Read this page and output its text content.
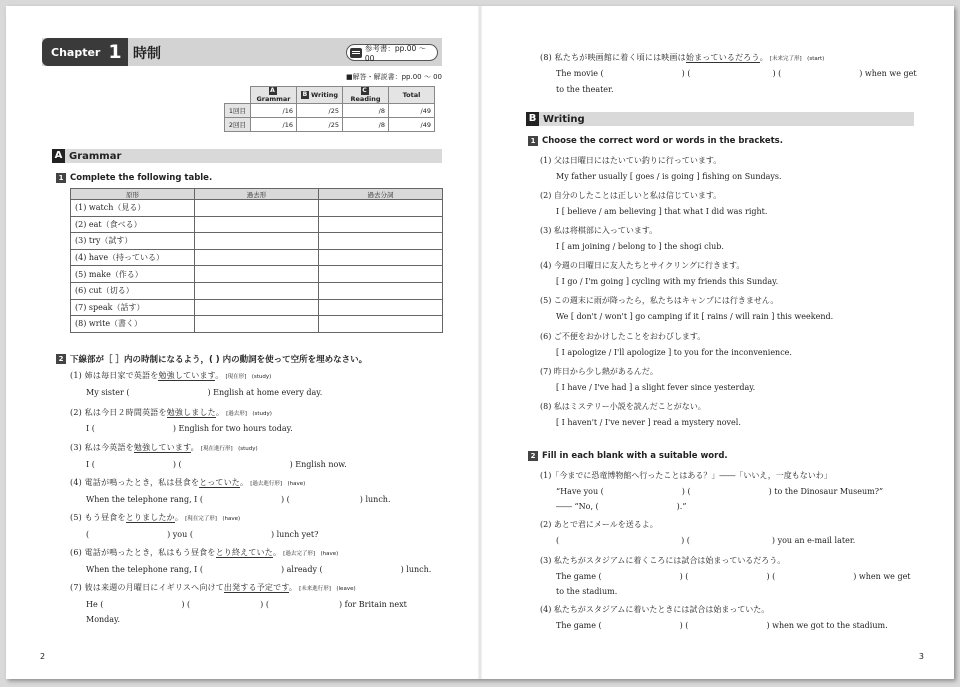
Chapter 1 時制	参考書：pp.00 ～ 00
■解答・解説書：pp.00 ～ 00
	AGrammar	B Writing	CReading	Total
1回目	/16	/25	/8	/49
2回目	/16	/25	/8	/49
A Grammar
1 Complete the following table.
原形	過去形	過去分詞
(1) watch（見る）		
(2) eat（食べる）		
(3) try（試す）		
(4) have（持っている）		
(5) make（作る）		
(6) cut（切る）		
(7) speak（話す）		
(8) write（書く）		
2 下線部が［ ］内の時制になるよう，( ) 内の動詞を使って空所を埋めなさい。
(1) 姉は毎日家で英語を勉強しています。 [現在形]　(study)
My sister (	) English at home every day.
(2) 私は今日２時間英語を勉強しました。 [過去形]　(study)
I (	) English for two hours today.
(3) 私は今英語を勉強しています。 [現在進行形]　(study)
I (	) (	) English now.
(4) 電話が鳴ったとき，私は昼食をとっていた。 [過去進行形]　(have)
When the telephone rang, I (	) (	) lunch.
(5) もう昼食をとりましたか。 [現在完了形]　(have)
(	) you (	) lunch yet?
(6) 電話が鳴ったとき，私はもう昼食をとり終えていた。 [過去完了形]　(have)
When the telephone rang, I (	) already (	) lunch.
(7) 彼は来週の月曜日にイギリスへ向けて出発する予定です。 [未来進行形]　(leave)
He (	) (	) (	) for Britain next
Monday.
2
(8) 私たちが映画館に着く頃には映画は始まっているだろう。 [未来完了形]　(start)
The movie (	) (	) (	) when we get
to the theater.
B Writing
1 Choose the correct word or words in the brackets.
(1) 父は日曜日にはたいてい釣りに行っています。
My father usually [ goes / is going ] fishing on Sundays.
(2) 自分のしたことは正しいと私は信じています。
I [ believe / am believing ] that what I did was right.
(3) 私は将棋部に入っています。
I [ am joining / belong to ] the shogi club.
(4) 今週の日曜日に友人たちとサイクリングに行きます。
[ I go / I'm going ] cycling with my friends this Sunday.
(5) この週末に雨が降ったら，私たちはキャンプには行きません。
We [ don't / won't ] go camping if it [ rains / will rain ] this weekend.
(6) ご不便をおかけしたことをおわびします。
[ I apologize / I'll apologize ] to you for the inconvenience.
(7) 昨日から少し熱があるんだ。
[ I have / I've had ] a slight fever since yesterday.
(8) 私はミステリー小説を読んだことがない。
[ I haven't / I've never ] read a mystery novel.
2 Fill in each blank with a suitable word.
(1)「今までに恐竜博物館へ行ったことはある？」――「いいえ，一度もないわ」
“Have you (	) (	) to the Dinosaur Museum?”
―― “No, (	).”
(2) あとで君にメールを送るよ。
(	) (	) you an e-mail later.
(3) 私たちがスタジアムに着くころには試合は始まっているだろう。
The game (	) (	) (	) when we get
to the stadium.
(4) 私たちがスタジアムに着いたときには試合は始まっていた。
The game (	) (	) when we got to the stadium.
3
